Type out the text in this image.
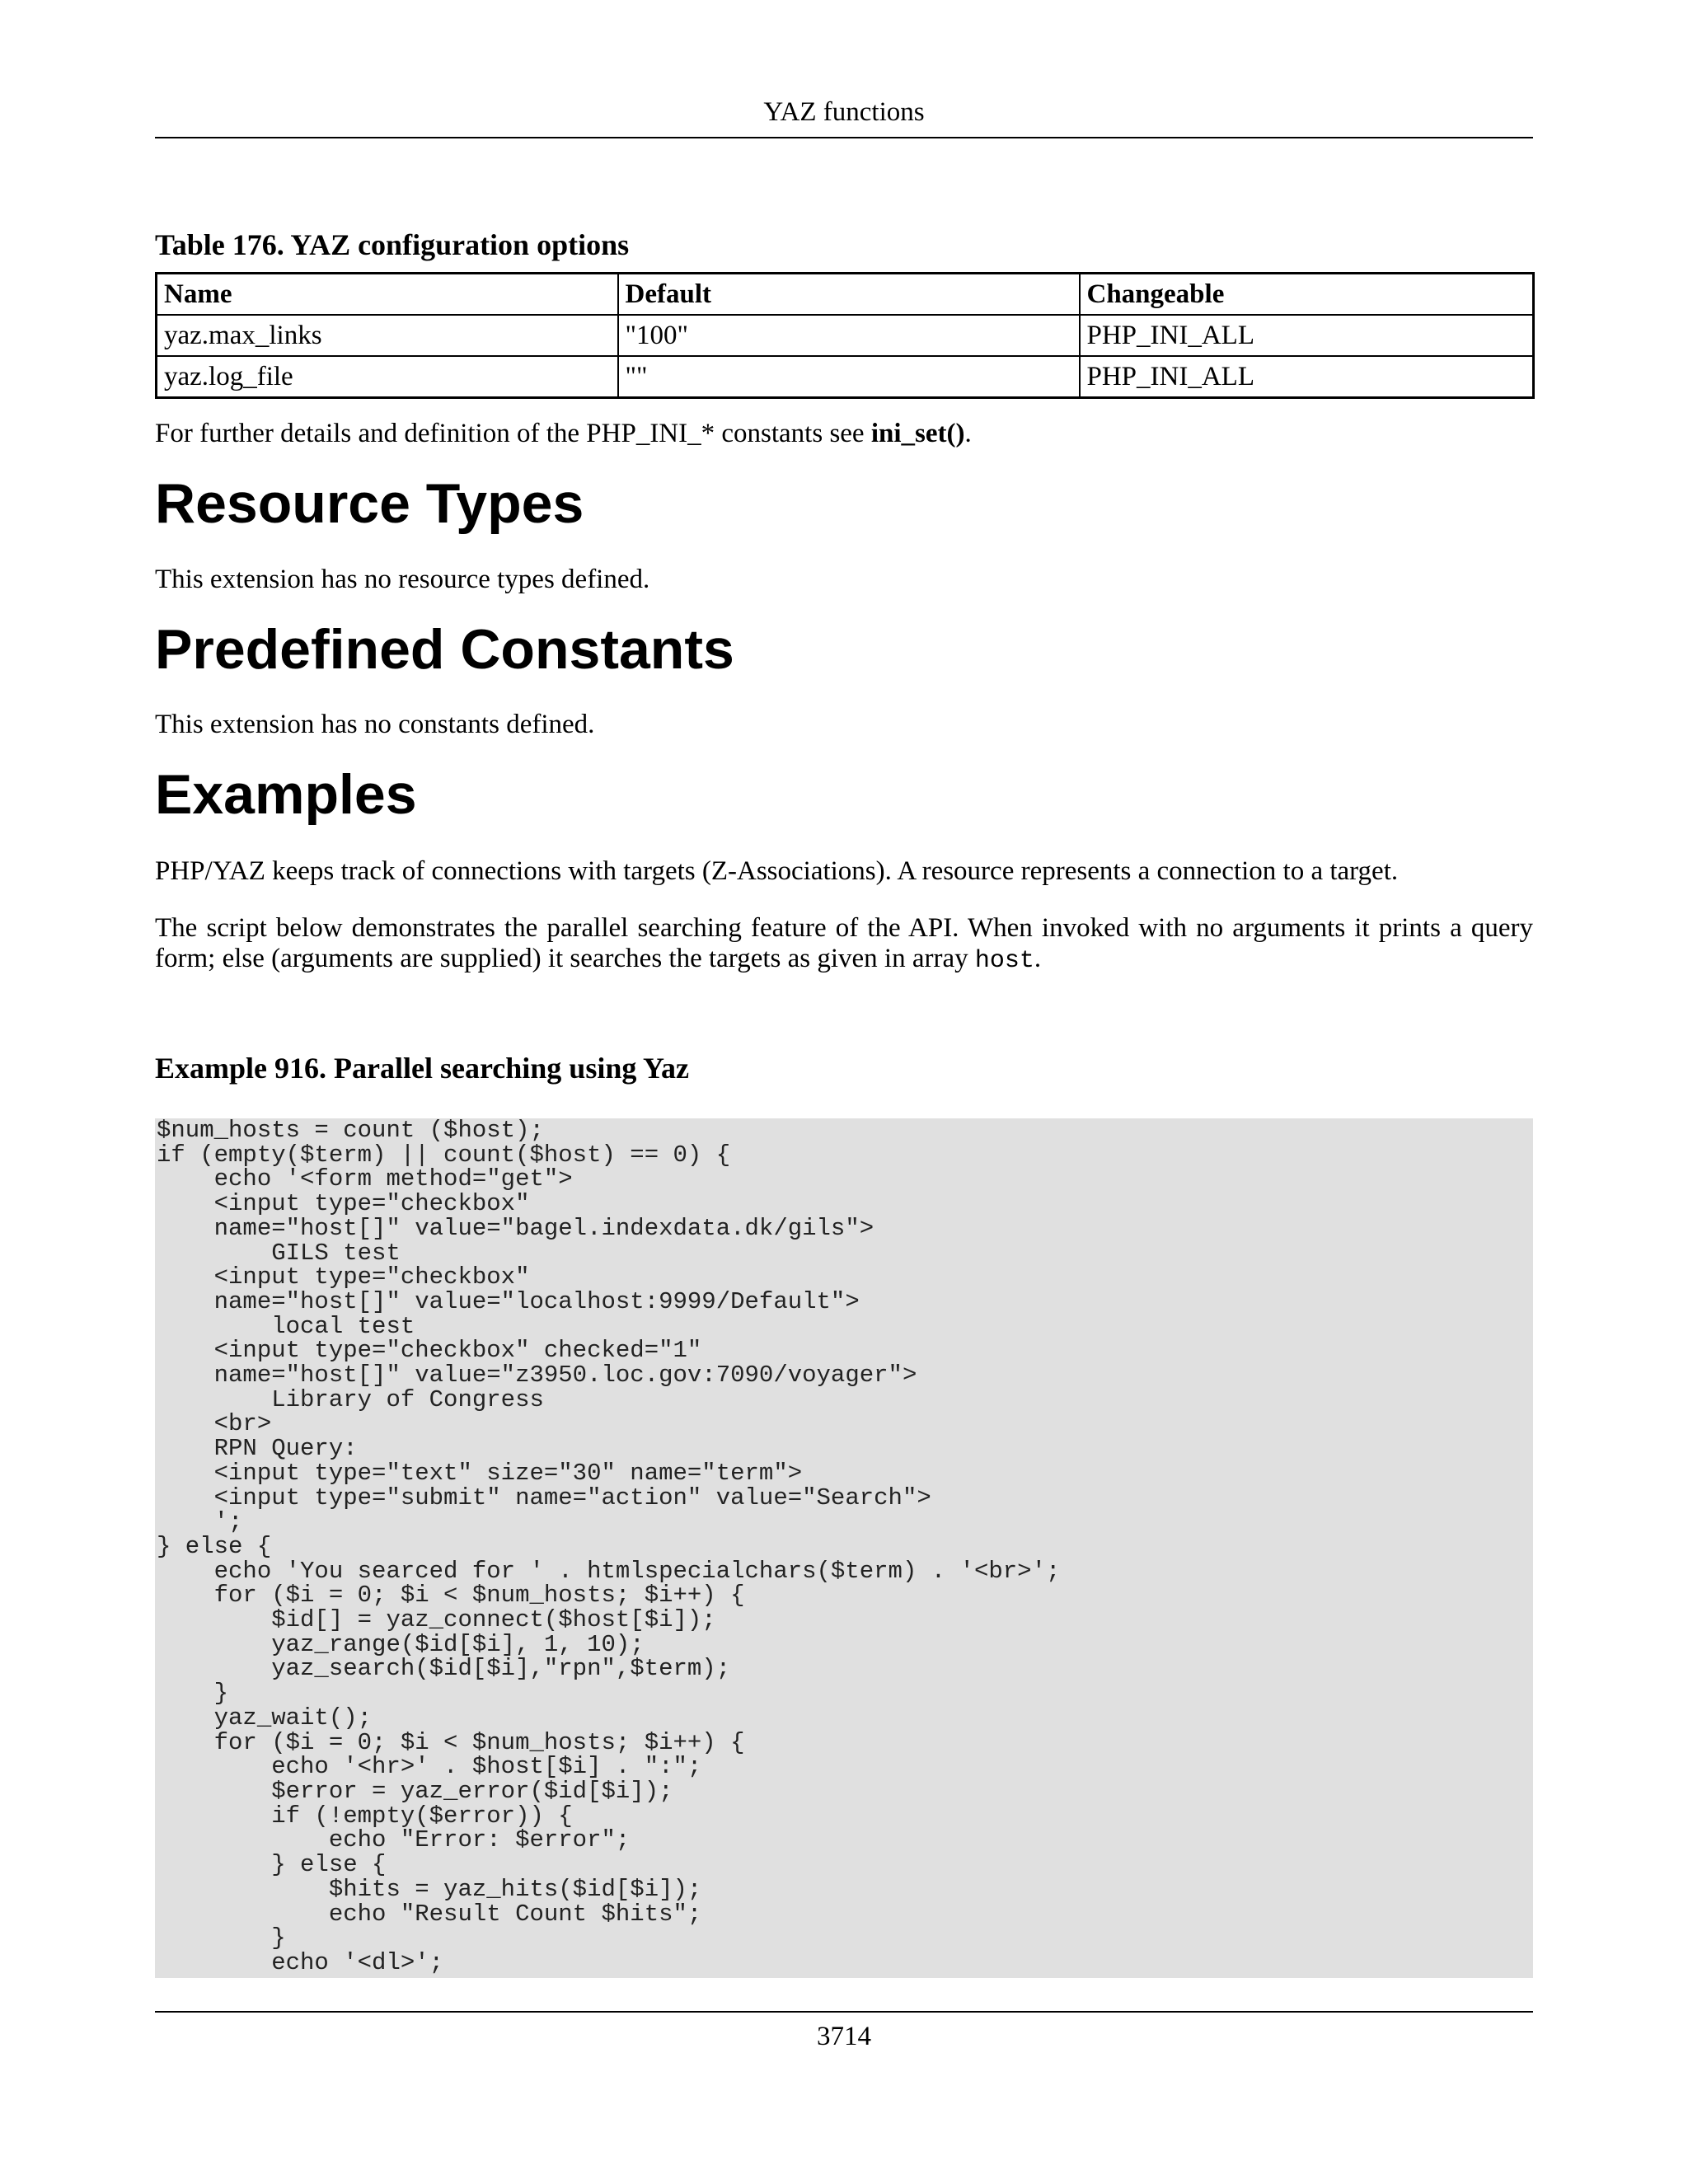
YAZ functions
Table 176. YAZ configuration options
Name	Default	Changeable
yaz.max_links	"100"	PHP_INI_ALL
yaz.log_file	""	PHP_INI_ALL
For further details and definition of the PHP_INI_* constants see ini_set().
Resource Types
This extension has no resource types defined.
Predefined Constants
This extension has no constants defined.
Examples
PHP/YAZ keeps track of connections with targets (Z-Associations). A resource represents a connection to a target.
The script below demonstrates the parallel searching feature of the API. When invoked with no arguments it prints a query form; else (arguments are supplied) it searches the targets as given in array host.
Example 916. Parallel searching using Yaz
$num_hosts = count ($host);
if (empty($term) || count($host) == 0) {
echo '<form method="get">
<input type="checkbox"
name="host[]" value="bagel.indexdata.dk/gils">
GILS test
<input type="checkbox"
name="host[]" value="localhost:9999/Default">
local test
<input type="checkbox" checked="1"
name="host[]" value="z3950.loc.gov:7090/voyager">
Library of Congress
<br>
RPN Query:
<input type="text" size="30" name="term">
<input type="submit" name="action" value="Search">
';
} else {
echo 'You searced for ' . htmlspecialchars($term) . '<br>';
for ($i = 0; $i < $num_hosts; $i++) {
$id[] = yaz_connect($host[$i]);
yaz_range($id[$i], 1, 10);
yaz_search($id[$i],"rpn",$term);
}
yaz_wait();
for ($i = 0; $i < $num_hosts; $i++) {
echo '<hr>' . $host[$i] . ":";
$error = yaz_error($id[$i]);
if (!empty($error)) {
echo "Error: $error";
} else {
$hits = yaz_hits($id[$i]);
echo "Result Count $hits";
}
echo '<dl>';
3714
